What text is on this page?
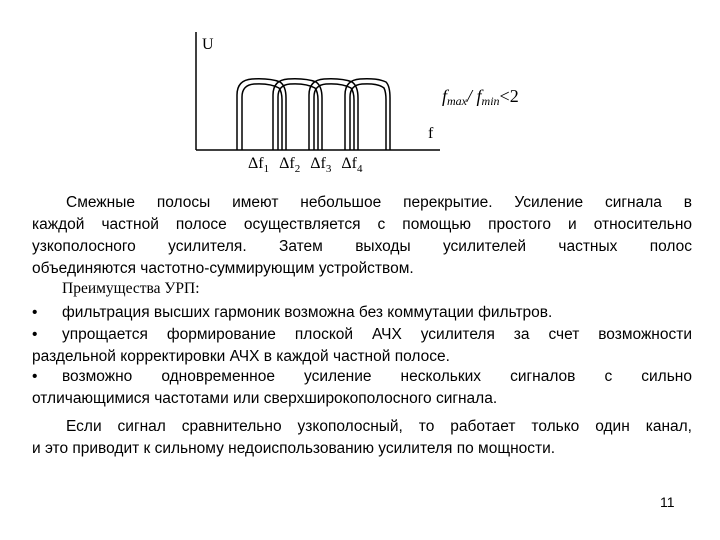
U
f
$f_{max}/$ $f_{min}<2$
$\Delta f_1$ $\Delta f_2$ $\Delta f_3$ $\Delta f_4$
Смежные полосы имеют небольшое перекрытие. Усиление сигнала в
каждой частной полосе осуществляется с помощью простого и относительно
узкополосного усилителя. Затем выходы усилителей частных полос
объединяются частотно-суммирующим устройством.
Преимущества УРП:
• фильтрация высших гармоник возможна без коммутации фильтров.
• упрощается формирование плоской АЧХ усилителя за счет возможности
раздельной корректировки АЧХ в каждой частной полосе.
• возможно одновременное усиление нескольких сигналов с сильно
отличающимися частотами или сверхширокополосного сигнала.
Если сигнал сравнительно узкополосный, то работает только один канал,
и это приводит к сильному недоиспользованию усилителя по мощности.
11
